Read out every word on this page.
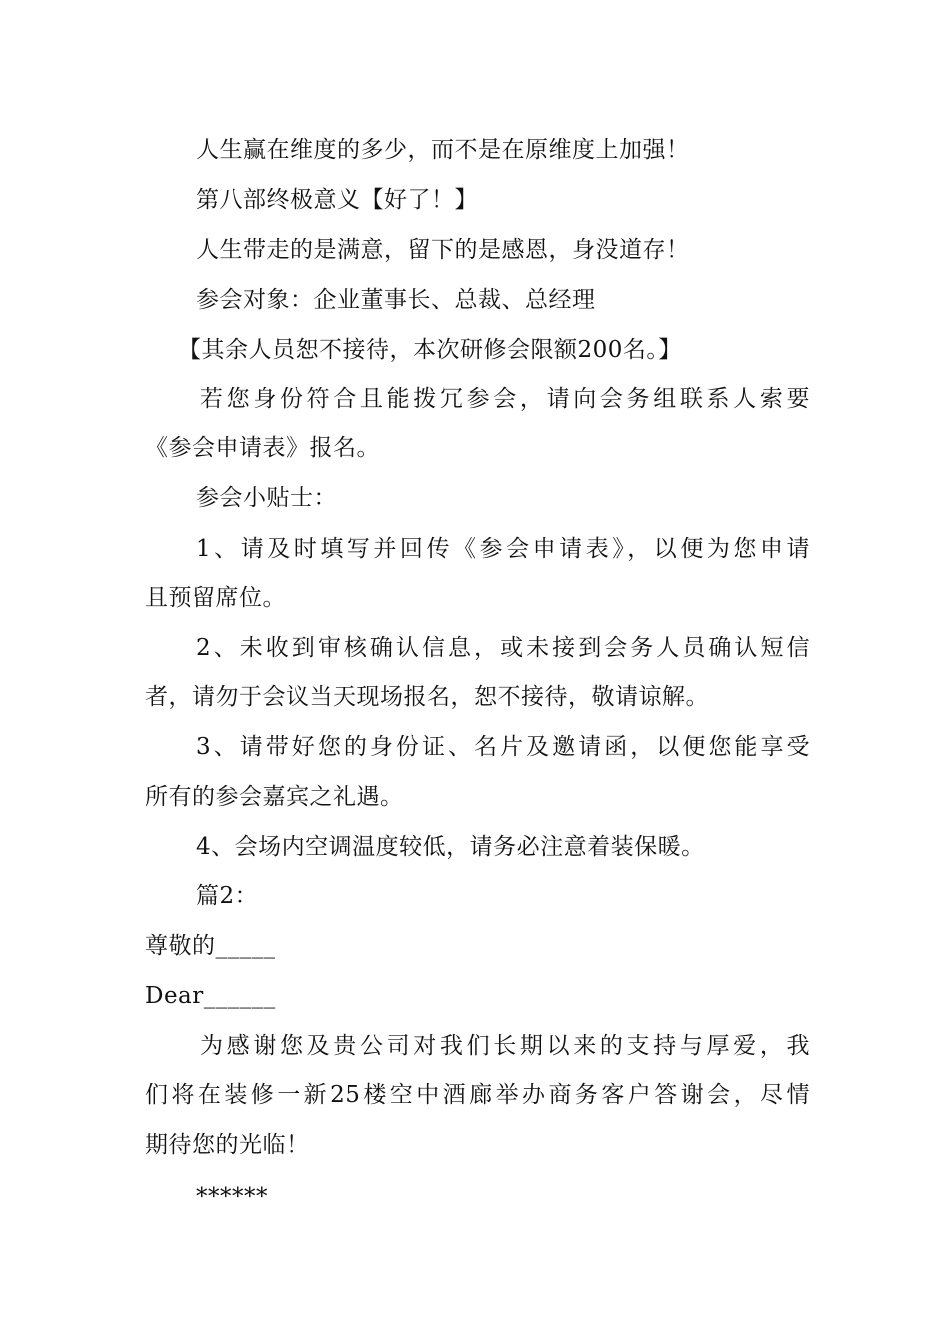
人生赢在维度的多少，而不是在原维度上加强！
第八部终极意义【好了！】
人生带走的是满意，留下的是感恩，身没道存！
参会对象：企业董事长、总裁、总经理
【其余人员恕不接待，本次研修会限额200名。】
若您身份符合且能拨冗参会，请向会务组联系人索要
《参会申请表》报名。
参会小贴士：
1、请及时填写并回传《参会申请表》，以便为您申请
且预留席位。
2、未收到审核确认信息，或未接到会务人员确认短信
者，请勿于会议当天现场报名，恕不接待，敬请谅解。
3、请带好您的身份证、名片及邀请函，以便您能享受
所有的参会嘉宾之礼遇。
4、会场内空调温度较低，请务必注意着装保暖。
篇2：
尊敬的_____
Dear______
为感谢您及贵公司对我们长期以来的支持与厚爱，我
们将在装修一新25楼空中酒廊举办商务客户答谢会，尽情
期待您的光临！
******
